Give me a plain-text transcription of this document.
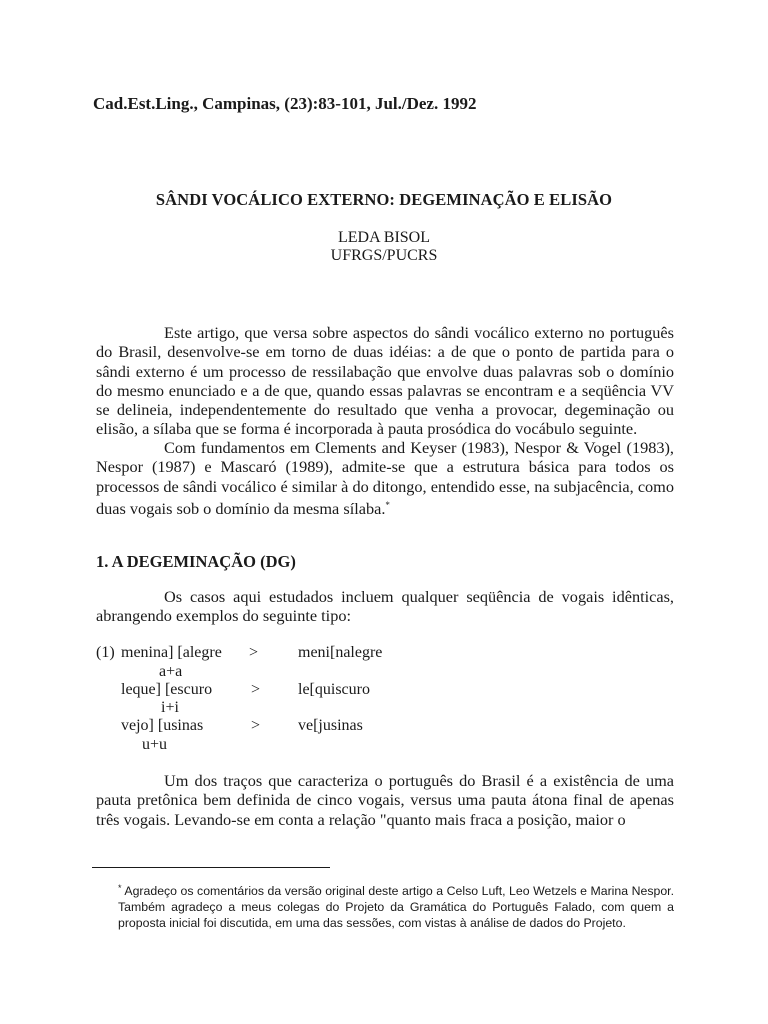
Cad.Est.Ling., Campinas, (23):83-101, Jul./Dez. 1992
SÂNDI VOCÁLICO EXTERNO: DEGEMINAÇÃO E ELISÃO
LEDA BISOL
UFRGS/PUCRS

Este artigo, que versa sobre aspectos do sândi vocálico externo no português do Brasil, desenvolve-se em torno de duas idéias: a de que o ponto de partida para o sândi externo é um processo de ressilabação que envolve duas palavras sob o domínio do mesmo enunciado e a de que, quando essas palavras se encontram e a seqüência VV se delineia, independentemente do resultado que venha a provocar, degeminação ou elisão, a sílaba que se forma é incorporada à pauta prosódica do vocábulo seguinte.

Com fundamentos em Clements and Keyser (1983), Nespor & Vogel (1983), Nespor (1987) e Mascaró (1989), admite-se que a estrutura básica para todos os processos de sândi vocálico é similar à do ditongo, entendido esse, na subjacência, como duas vogais sob o domínio da mesma sílaba.*

1. A DEGEMINAÇÃO (DG)

Os casos aqui estudados incluem qualquer seqüência de vogais idênticas, abrangendo exemplos do seguinte tipo:

(1) menina] [alegre > meni[nalegre
a+a
leque] [escuro > le[quiscuro
i+i
vejo] [usinas	> ve[jusinas
u+u

Um dos traços que caracteriza o português do Brasil é a existência de uma pauta pretônica bem definida de cinco vogais, versus uma pauta átona final de apenas três vogais. Levando-se em conta a relação "quanto mais fraca a posição, maior o

* Agradeço os comentários da versão original deste artigo a Celso Luft, Leo Wetzels e Marina Nespor. Também agradeço a meus colegas do Projeto da Gramática do Português Falado, com quem a proposta inicial foi discutida, em uma das sessões, com vistas à análise de dados do Projeto.
